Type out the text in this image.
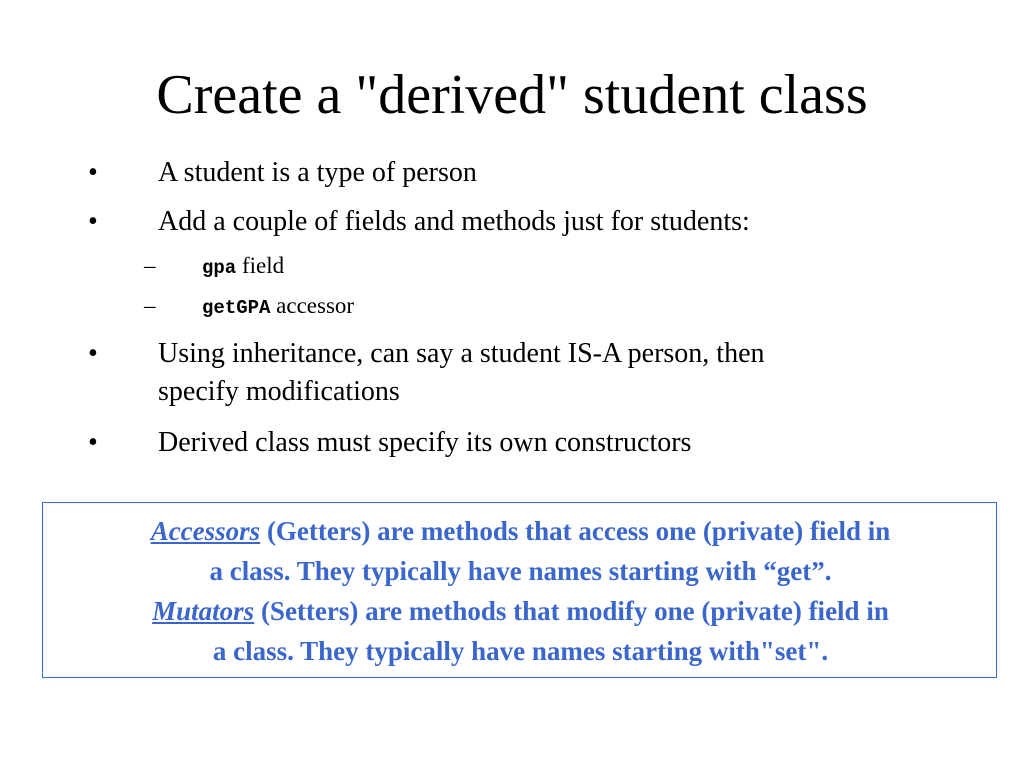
Create a "derived" student class
•	A student is a type of person
•	Add a couple of fields and methods just for students:
–	gpa field
–	getGPA accessor
•	Using inheritance, can say a student IS-A person, then
specify modifications
•	Derived class must specify its own constructors
Accessors (Getters) are methods that access one (private) field in
a class. They typically have names starting with “get”.
Mutators (Setters) are methods that modify one (private) field in
a class. They typically have names starting with"set".
